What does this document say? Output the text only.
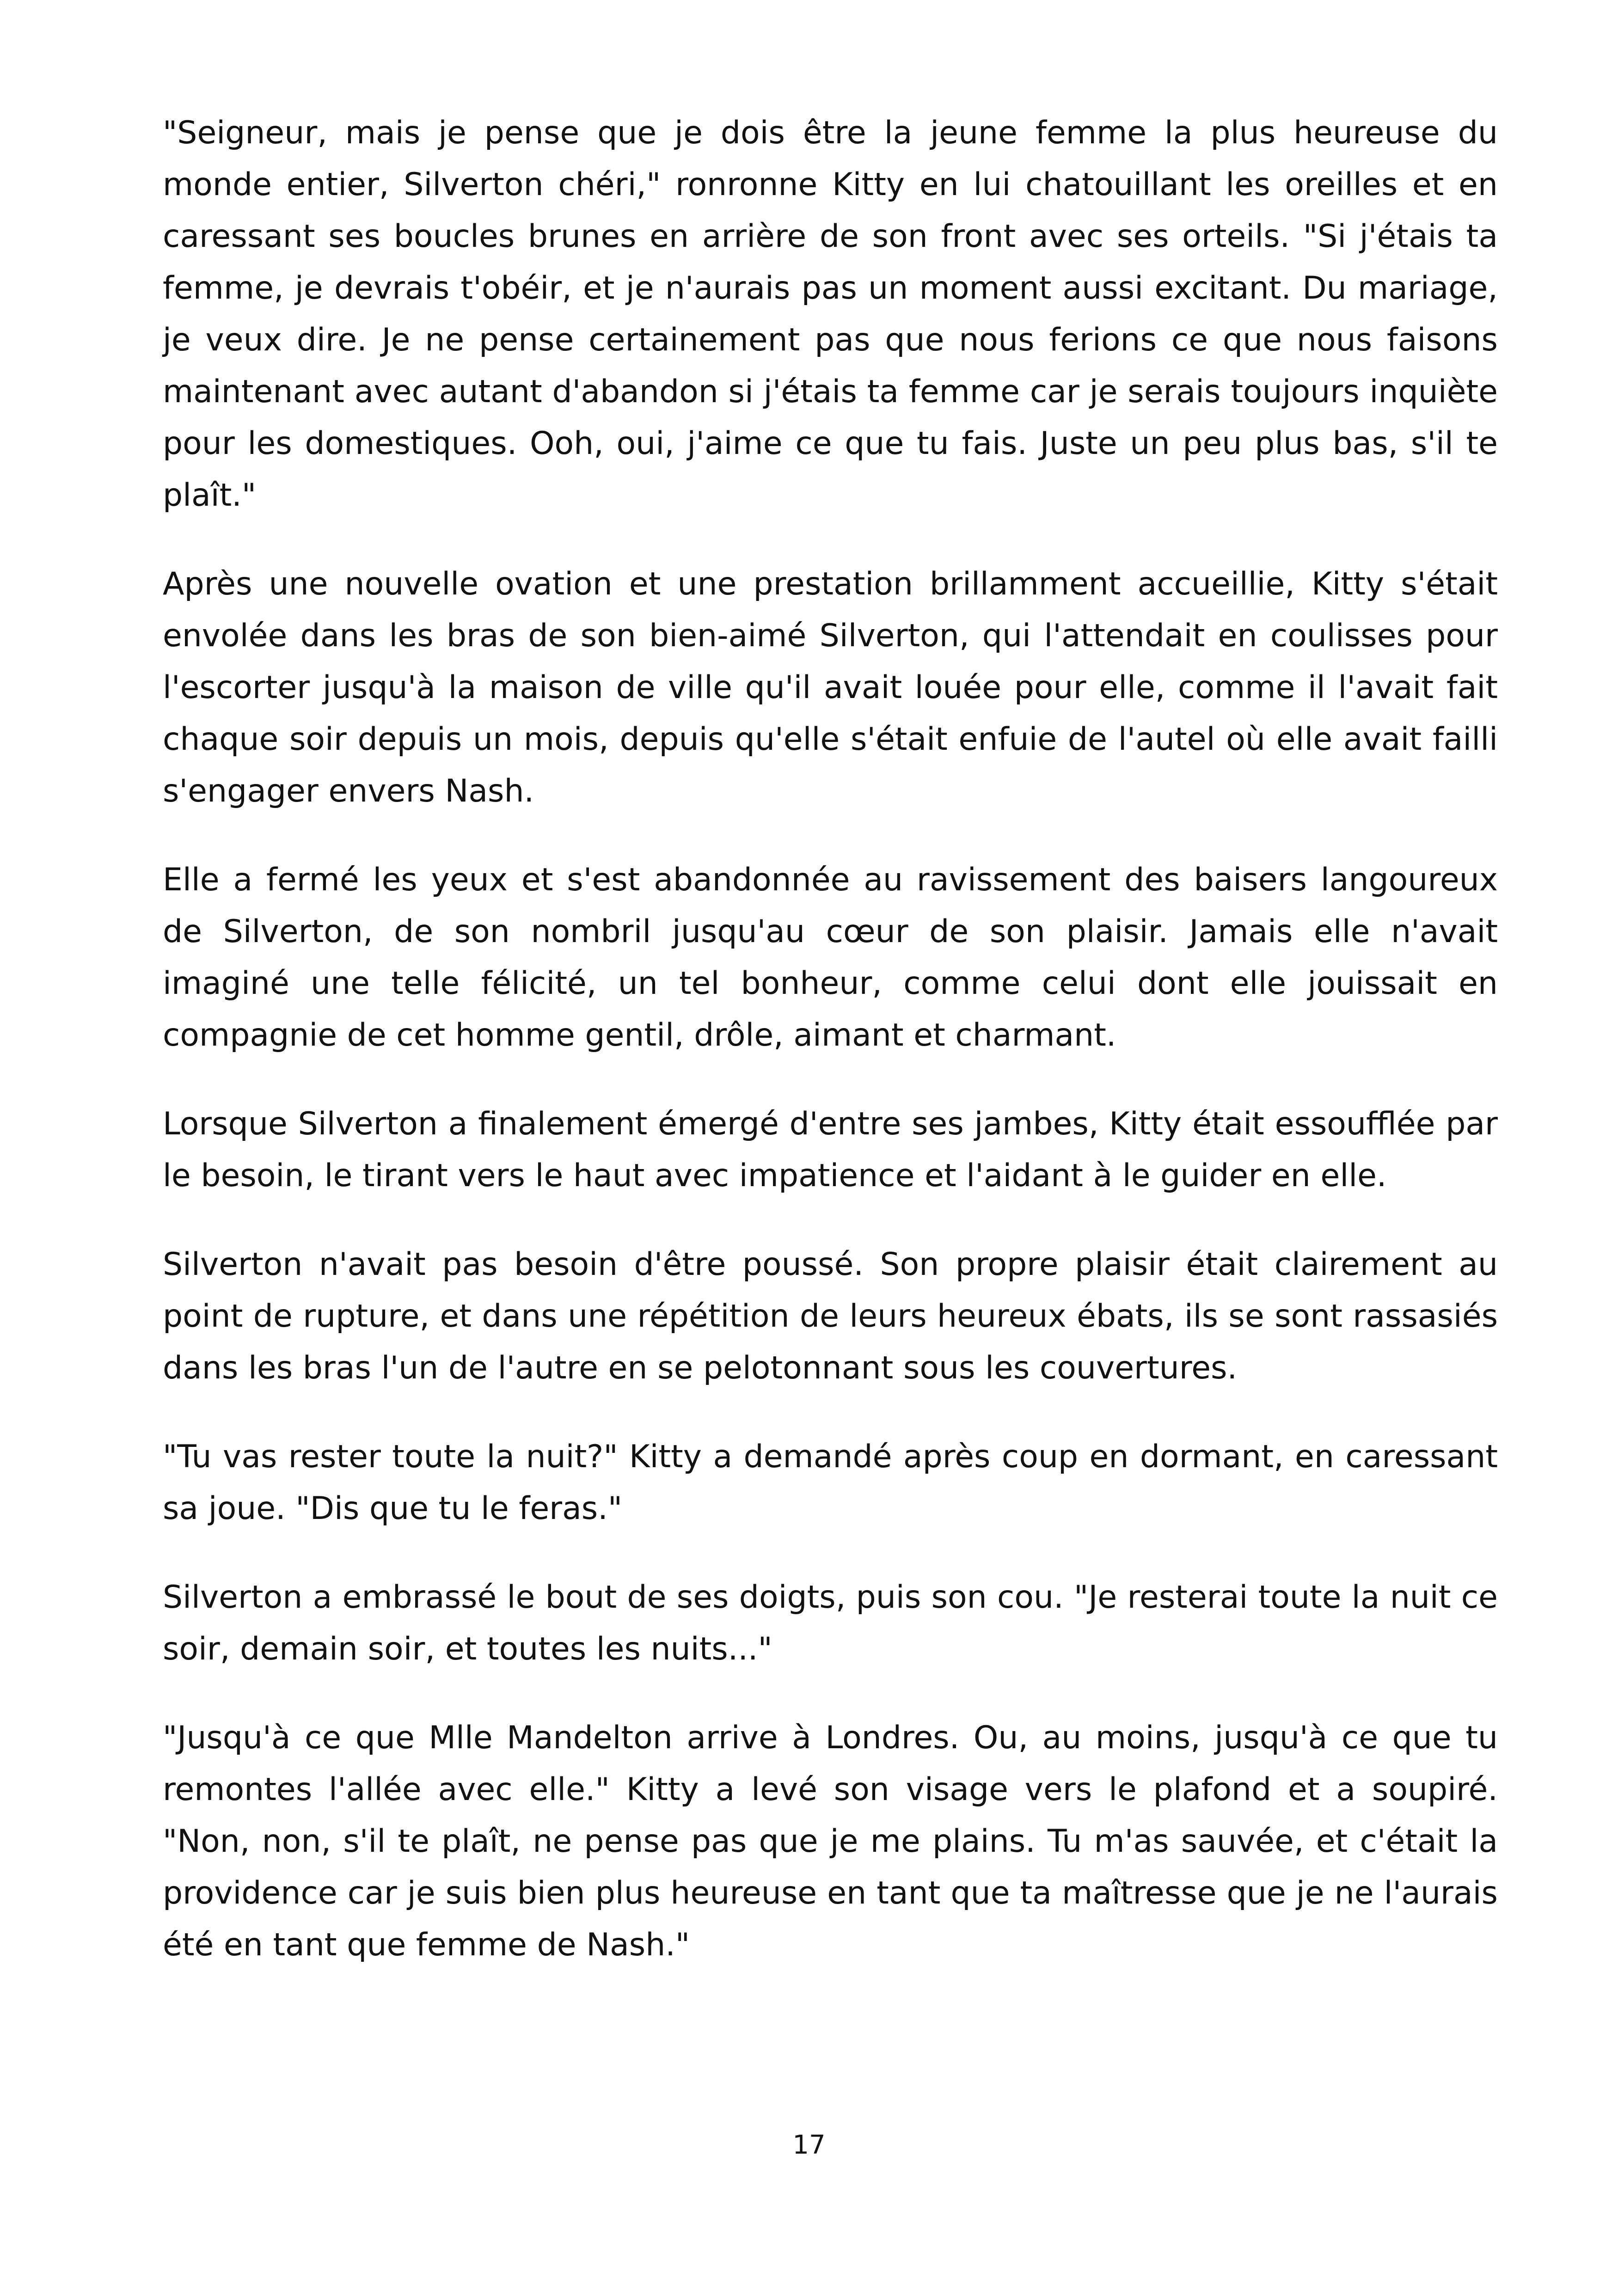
"Seigneur, mais je pense que je dois être la jeune femme la plus heureuse du monde entier, Silverton chéri," ronronne Kitty en lui chatouillant les oreilles et en caressant ses boucles brunes en arrière de son front avec ses orteils. "Si j'étais ta femme, je devrais t'obéir, et je n'aurais pas un moment aussi excitant. Du mariage, je veux dire. Je ne pense certainement pas que nous ferions ce que nous faisons maintenant avec autant d'abandon si j'étais ta femme car je serais toujours inquiète pour les domestiques. Ooh, oui, j'aime ce que tu fais. Juste un peu plus bas, s'il te plaît."

Après une nouvelle ovation et une prestation brillamment accueillie, Kitty s'était envolée dans les bras de son bien-aimé Silverton, qui l'attendait en coulisses pour l'escorter jusqu'à la maison de ville qu'il avait louée pour elle, comme il l'avait fait chaque soir depuis un mois, depuis qu'elle s'était enfuie de l'autel où elle avait failli s'engager envers Nash.

Elle a fermé les yeux et s'est abandonnée au ravissement des baisers langoureux de Silverton, de son nombril jusqu'au cœur de son plaisir. Jamais elle n'avait imaginé une telle félicité, un tel bonheur, comme celui dont elle jouissait en compagnie de cet homme gentil, drôle, aimant et charmant.

Lorsque Silverton a finalement émergé d'entre ses jambes, Kitty était essoufflée par le besoin, le tirant vers le haut avec impatience et l'aidant à le guider en elle.

Silverton n'avait pas besoin d'être poussé. Son propre plaisir était clairement au point de rupture, et dans une répétition de leurs heureux ébats, ils se sont rassasiés dans les bras l'un de l'autre en se pelotonnant sous les couvertures.

"Tu vas rester toute la nuit?" Kitty a demandé après coup en dormant, en caressant sa joue. "Dis que tu le feras."

Silverton a embrassé le bout de ses doigts, puis son cou. "Je resterai toute la nuit ce soir, demain soir, et toutes les nuits..."

"Jusqu'à ce que Mlle Mandelton arrive à Londres. Ou, au moins, jusqu'à ce que tu remontes l'allée avec elle." Kitty a levé son visage vers le plafond et a soupiré. "Non, non, s'il te plaît, ne pense pas que je me plains. Tu m'as sauvée, et c'était la providence car je suis bien plus heureuse en tant que ta maîtresse que je ne l'aurais été en tant que femme de Nash."

17
